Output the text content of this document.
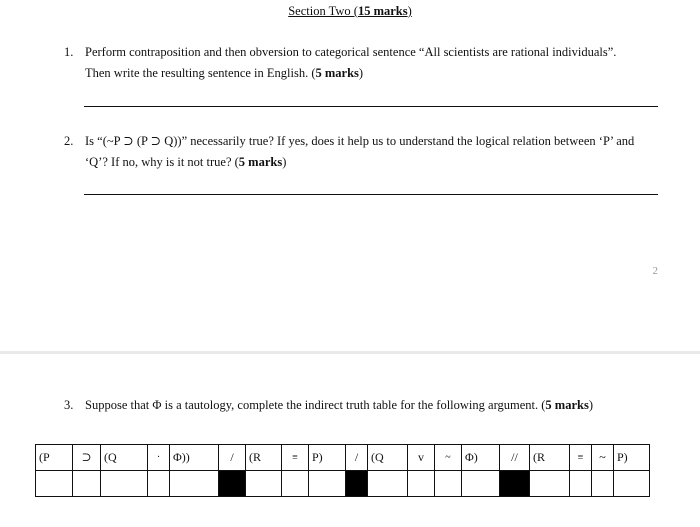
Section Two (15 marks)
1. Perform contraposition and then obversion to categorical sentence “All scientists are rational individuals”.
Then write the resulting sentence in English. (5 marks)
2. Is “(~P ⊃ (P ⊃ Q))” necessarily true? If yes, does it help us to understand the logical relation between ‘P’ and
‘Q’? If no, why is it not true? (5 marks)
2
3. Suppose that Φ is a tautology, complete the indirect truth table for the following argument. (5 marks)
(P	⊃	(Q	·	Φ))	/	(R	≡	P)	/	(Q	v	~	Φ)	//	(R	≡	~	P)
